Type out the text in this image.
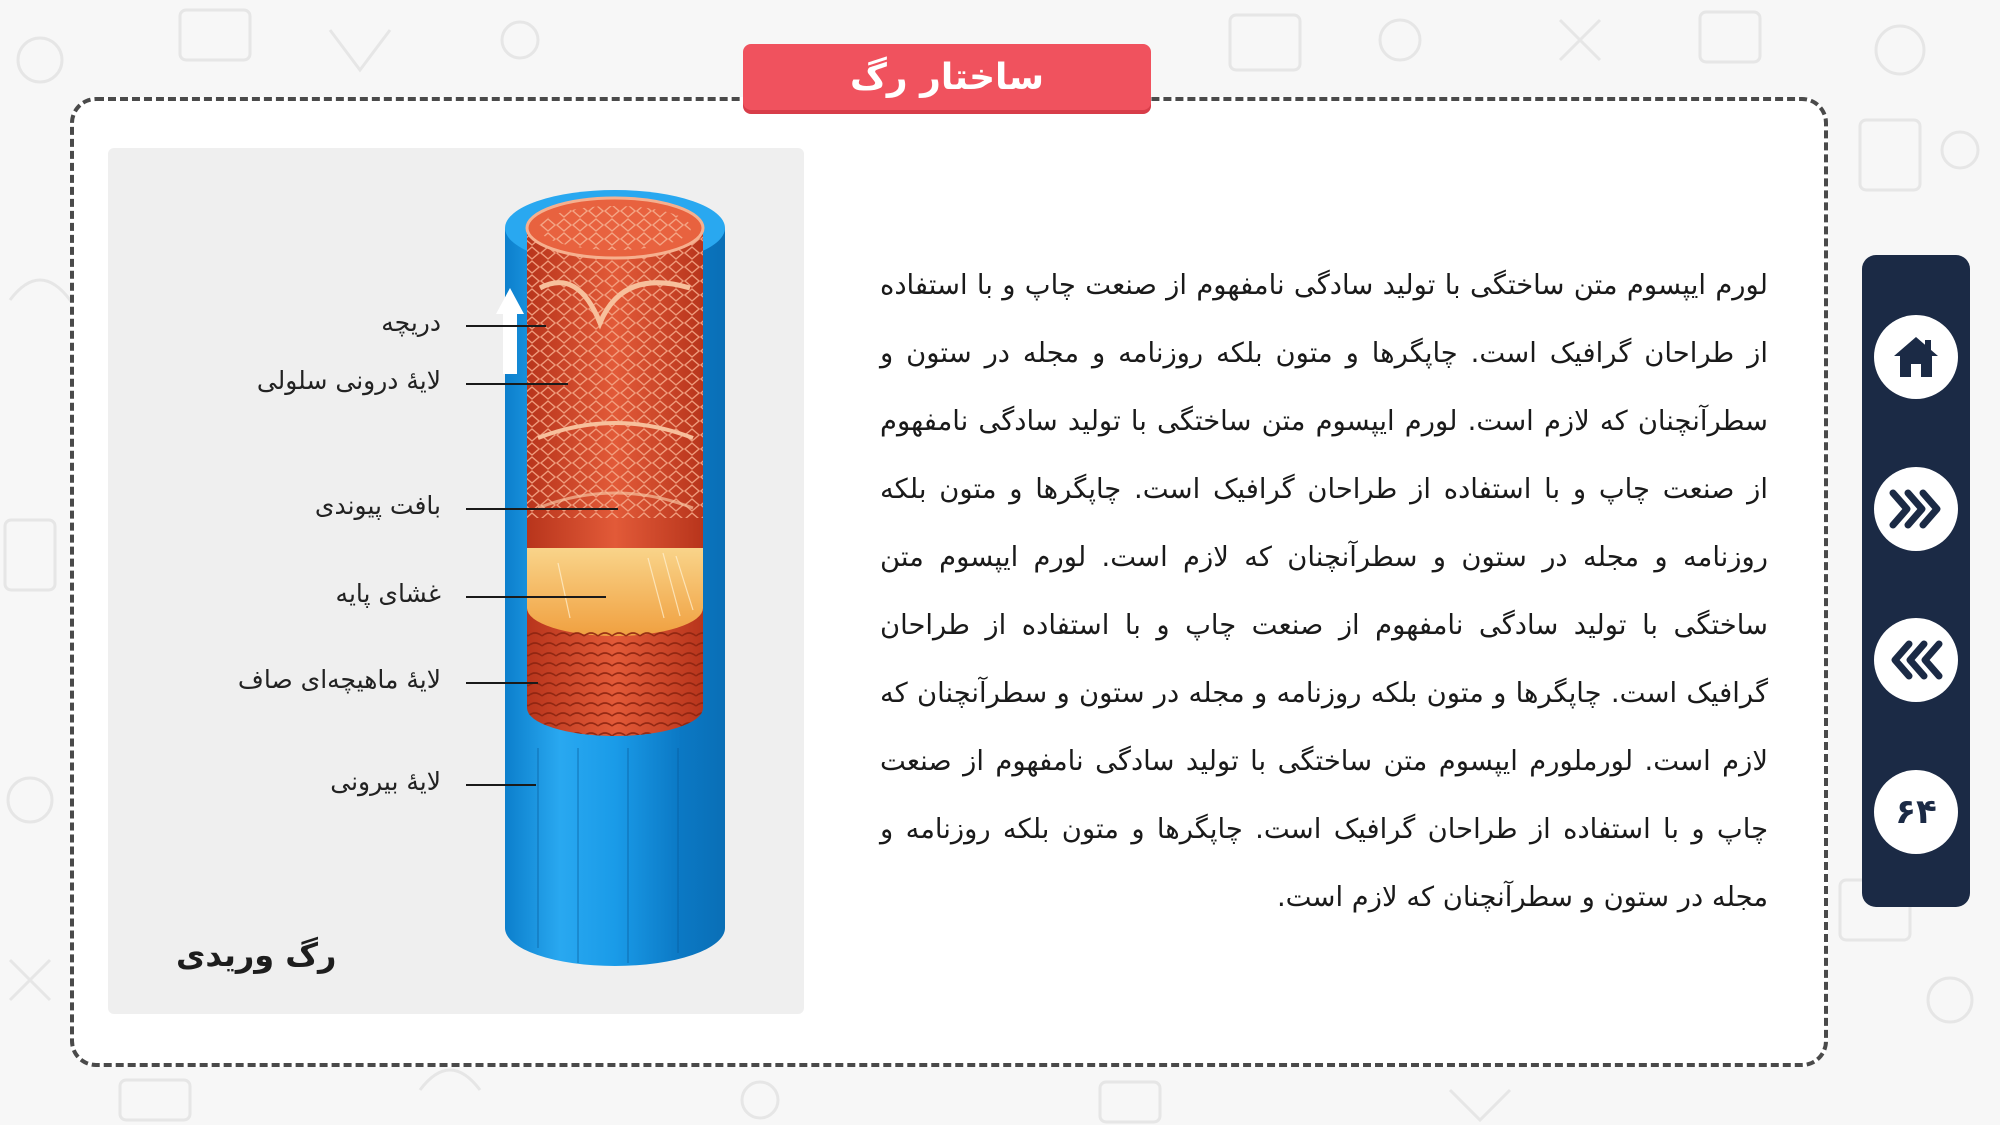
ساختار رگ
دریچه
لایهٔ درونی سلولی
بافت پیوندی
غشای پایه
لایهٔ ماهیچه‌ای صاف
لایهٔ بیرونی
رگ وریدی
لورم ایپسوم متن ساختگی با تولید سادگی نامفهوم از صنعت چاپ و با استفاده از طراحان گرافیک است. چاپگرها و متون بلکه روزنامه و مجله در ستون و سطرآنچنان که لازم است. لورم ایپسوم متن ساختگی با تولید سادگی نامفهوم از صنعت چاپ و با استفاده از طراحان گرافیک است. چاپگرها و متون بلکه روزنامه و مجله در ستون و سطرآنچنان که لازم است. لورم ایپسوم متن ساختگی با تولید سادگی نامفهوم از صنعت چاپ و با استفاده از طراحان گرافیک است. چاپگرها و متون بلکه روزنامه و مجله در ستون و سطرآنچنان که لازم است. لورملورم ایپسوم متن ساختگی با تولید سادگی نامفهوم از صنعت چاپ و با استفاده از طراحان گرافیک است. چاپگرها و متون بلکه روزنامه و مجله در ستون و سطرآنچنان که لازم است.
۶۴
